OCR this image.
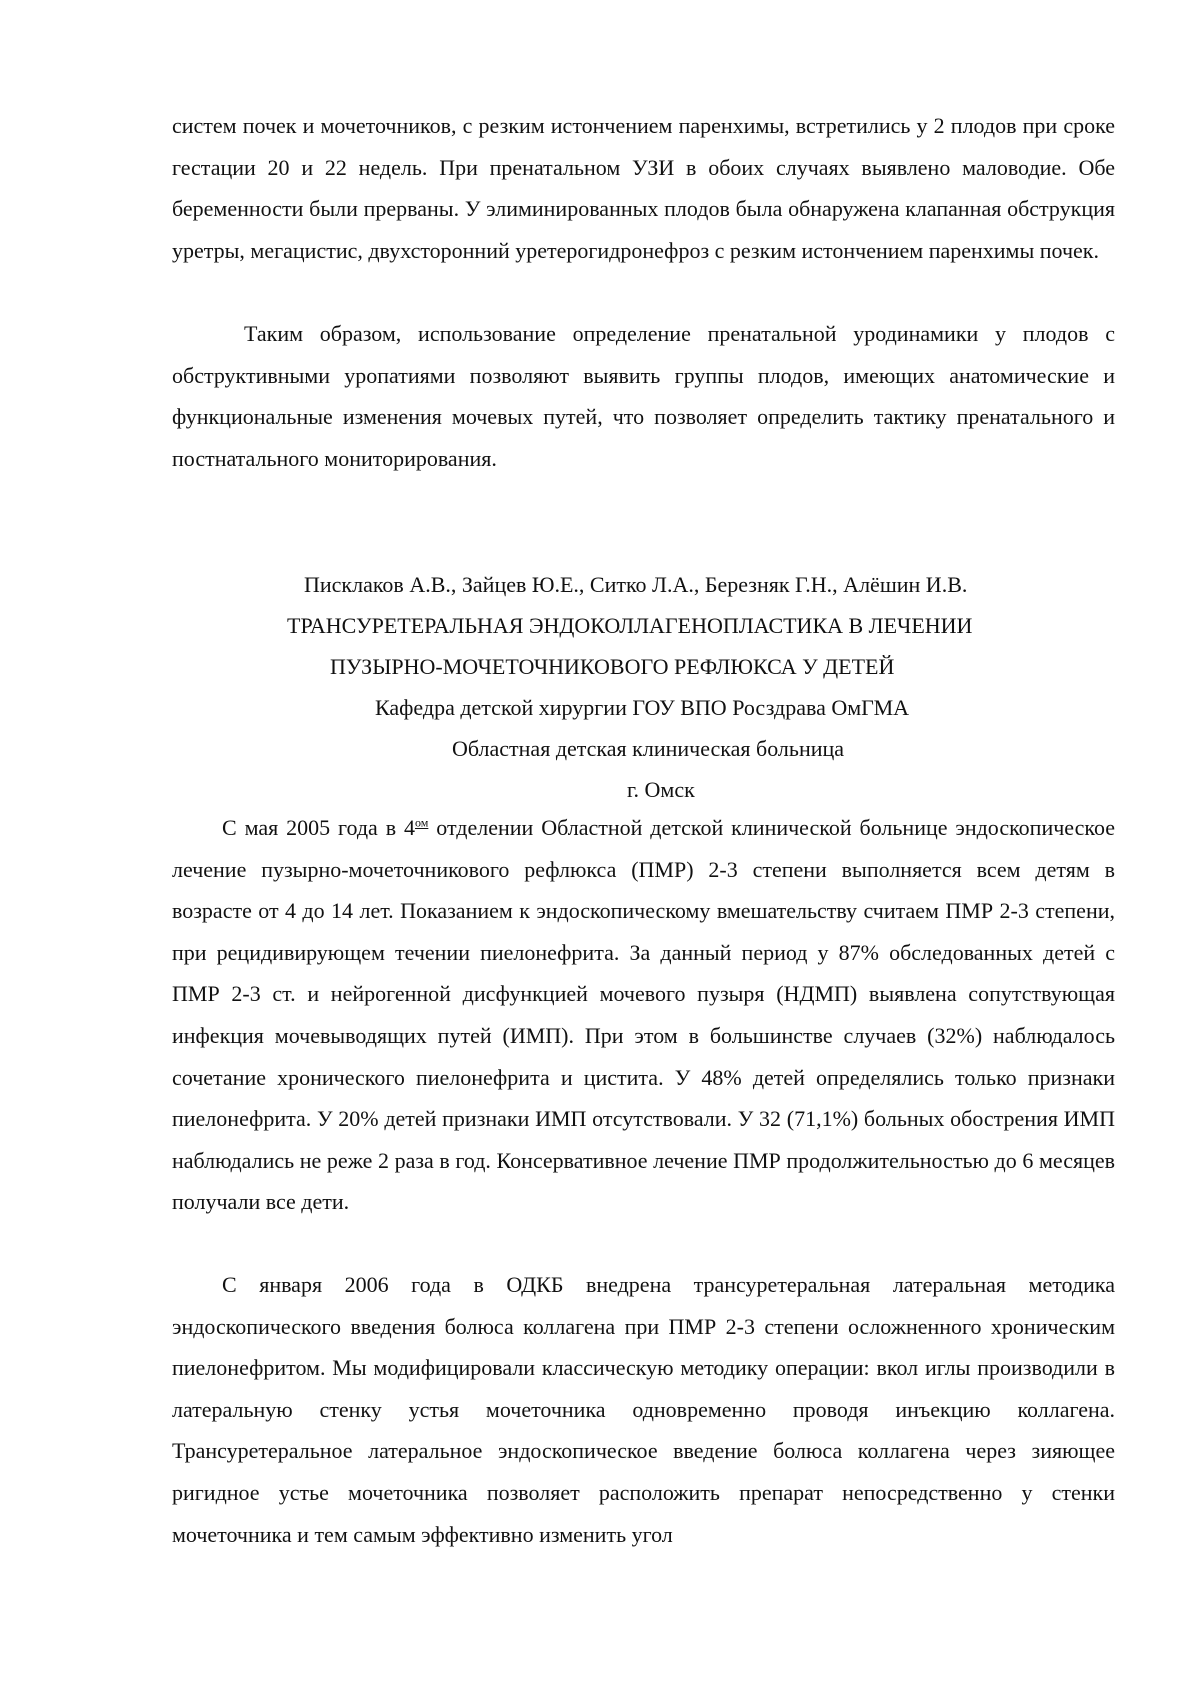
систем почек и мочеточников, с резким истончением паренхимы, встретились у 2 плодов при сроке гестации 20 и 22 недель. При пренатальном УЗИ в обоих случаях выявлено маловодие. Обе беременности были прерваны. У элиминированных плодов была обнаружена клапанная обструкция уретры, мегацистис, двухсторонний уретерогидронефроз с резким истончением паренхимы почек.

Таким образом, использование определение пренатальной уродинамики у плодов с обструктивными уропатиями позволяют выявить группы плодов, имеющих анатомические и функциональные изменения мочевых путей, что позволяет определить тактику пренатального и постнатального мониторирования.

Писклаков А.В., Зайцев Ю.Е., Ситко Л.А., Березняк Г.Н., Алёшин И.В.

ТРАНСУРЕТЕРАЛЬНАЯ ЭНДОКОЛЛАГЕНОПЛАСТИКА В ЛЕЧЕНИИ

ПУЗЫРНО-МОЧЕТОЧНИКОВОГО РЕФЛЮКСА У ДЕТЕЙ

Кафедра детской хирургии ГОУ ВПО Росздрава ОмГМА

Областная детская клиническая больница

г. Омск

С мая 2005 года в $4^{ом}$ отделении Областной детской клинической больнице эндоскопическое лечение пузырно-мочеточникового рефлюкса (ПМР) 2-3 степени выполняется всем детям в возрасте от 4 до 14 лет. Показанием к эндоскопическому вмешательству считаем ПМР 2-3 степени, при рецидивирующем течении пиелонефрита. За данный период у 87% обследованных детей с ПМР 2-3 ст. и нейрогенной дисфункцией мочевого пузыря (НДМП) выявлена сопутствующая инфекция мочевыводящих путей (ИМП). При этом в большинстве случаев (32%) наблюдалось сочетание хронического пиелонефрита и цистита. У 48% детей определялись только признаки пиелонефрита. У 20% детей признаки ИМП отсутствовали. У 32 (71,1%) больных обострения ИМП наблюдались не реже 2 раза в год. Консервативное лечение ПМР продолжительностью до 6 месяцев получали все дети.

С января 2006 года в ОДКБ внедрена трансуретеральная латеральная методика эндоскопического введения болюса коллагена при ПМР 2-3 степени осложненного хроническим пиелонефритом. Мы модифицировали классическую методику операции: вкол иглы производили в латеральную стенку устья мочеточника одновременно проводя инъекцию коллагена. Трансуретеральное латеральное эндоскопическое введение болюса коллагена через зияющее ригидное устье мочеточника позволяет расположить препарат непосредственно у стенки мочеточника и тем самым эффективно изменить угол
